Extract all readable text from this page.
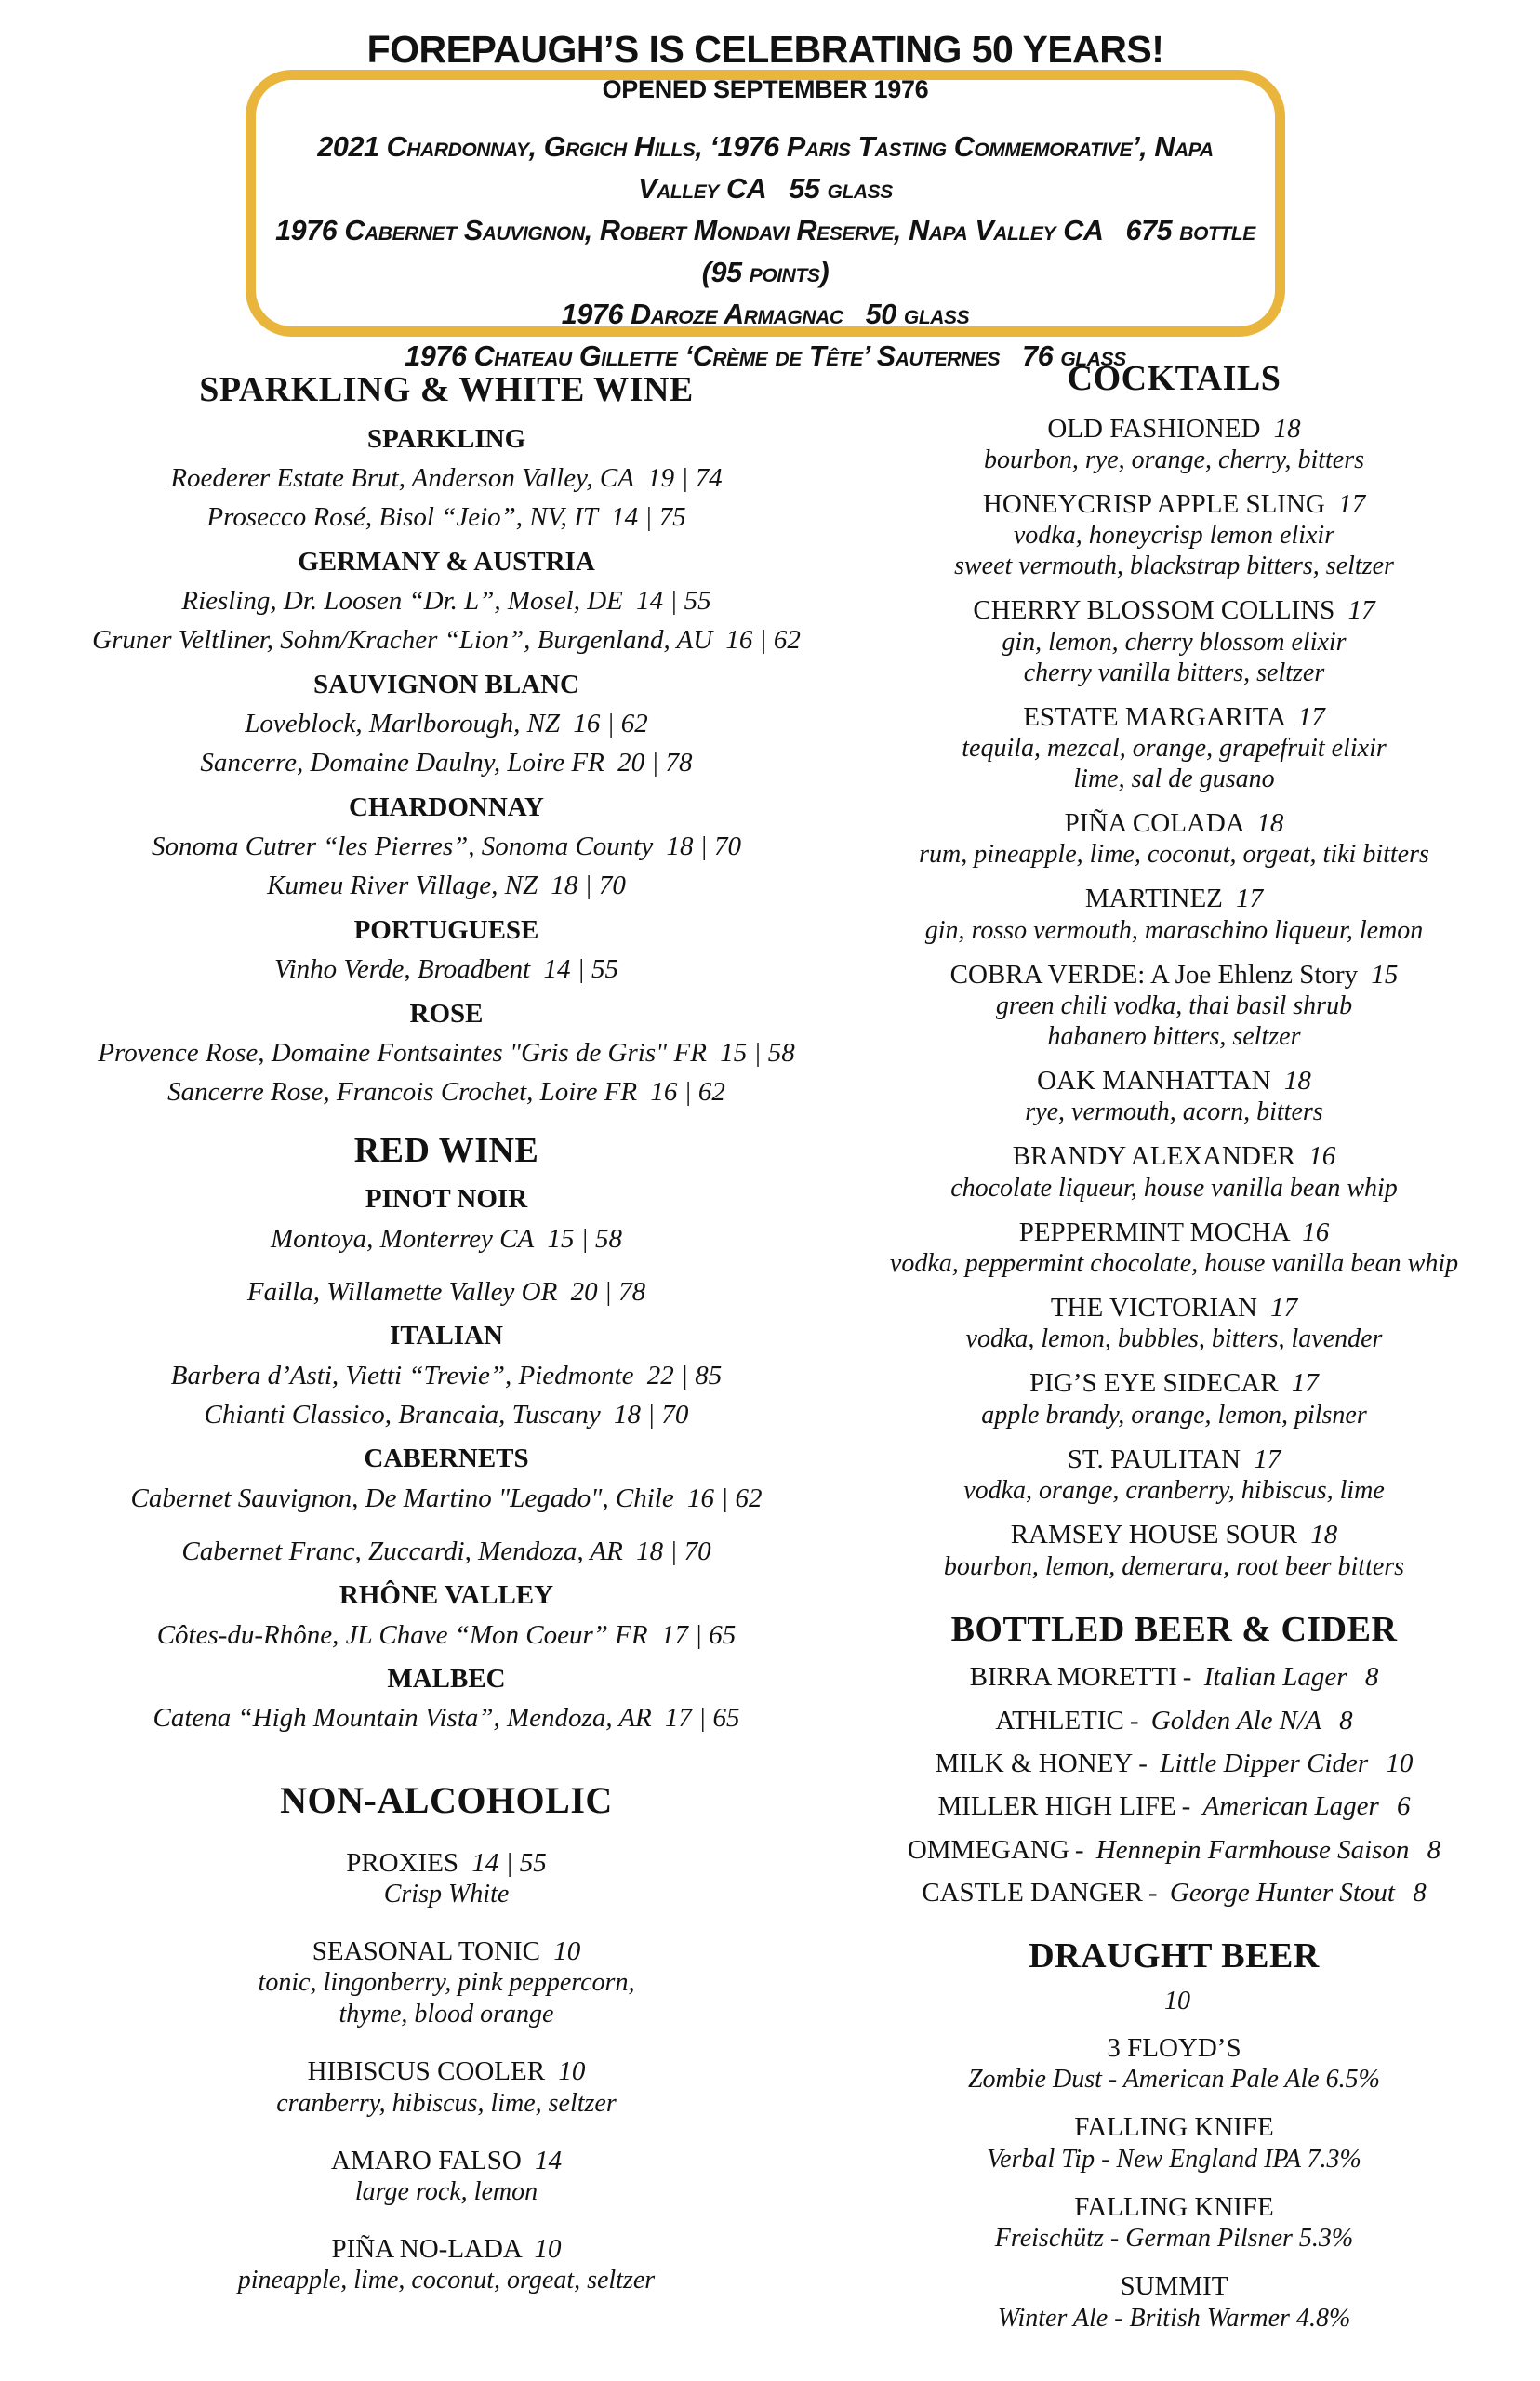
FOREPAUGH’S IS CELEBRATING 50 YEARS!
OPENED SEPTEMBER 1976
2021 Chardonnay, Grgich Hills, ‘1976 Paris Tasting Commemorative’, Napa Valley CA 55 glass
1976 Cabernet Sauvignon, Robert Mondavi Reserve, Napa Valley CA 675 bottle (95 points)
1976 Daroze Armagnac 50 glass
1976 Chateau Gillette ‘Crème de Tête’ Sauternes 76 glass
SPARKLING & WHITE WINE
SPARKLING
Roederer Estate Brut, Anderson Valley, CA 19 | 74
Prosecco Rosé, Bisol “Jeio”, NV, IT 14 | 75
GERMANY & AUSTRIA
Riesling, Dr. Loosen “Dr. L”, Mosel, DE 14 | 55
Gruner Veltliner, Sohm/Kracher “Lion”, Burgenland, AU 16 | 62
SAUVIGNON BLANC
Loveblock, Marlborough, NZ 16 | 62
Sancerre, Domaine Daulny, Loire FR 20 | 78
CHARDONNAY
Sonoma Cutrer “les Pierres”, Sonoma County 18 | 70
Kumeu River Village, NZ 18 | 70
PORTUGUESE
Vinho Verde, Broadbent 14 | 55
ROSE
Provence Rose, Domaine Fontsaintes "Gris de Gris" FR 15 | 58
Sancerre Rose, Francois Crochet, Loire FR 16 | 62
RED WINE
PINOT NOIR
Montoya, Monterrey CA 15 | 58
Failla, Willamette Valley OR 20 | 78
ITALIAN
Barbera d’Asti, Vietti “Trevie”, Piedmonte 22 | 85
Chianti Classico, Brancaia, Tuscany 18 | 70
CABERNETS
Cabernet Sauvignon, De Martino "Legado", Chile 16 | 62
Cabernet Franc, Zuccardi, Mendoza, AR 18 | 70
RHÔNE VALLEY
Côtes-du-Rhône, JL Chave “Mon Coeur” FR 17 | 65
MALBEC
Catena “High Mountain Vista”, Mendoza, AR 17 | 65
NON-ALCOHOLIC
PROXIES 14 | 55
Crisp White
SEASONAL TONIC 10
tonic, lingonberry, pink peppercorn,
thyme, blood orange
HIBISCUS COOLER 10
cranberry, hibiscus, lime, seltzer
AMARO FALSO 14
large rock, lemon
PIÑA NO-LADA 10
pineapple, lime, coconut, orgeat, seltzer
COCKTAILS
OLD FASHIONED 18
bourbon, rye, orange, cherry, bitters
HONEYCRISP APPLE SLING 17
vodka, honeycrisp lemon elixir
sweet vermouth, blackstrap bitters, seltzer
CHERRY BLOSSOM COLLINS 17
gin, lemon, cherry blossom elixir
cherry vanilla bitters, seltzer
ESTATE MARGARITA 17
tequila, mezcal, orange, grapefruit elixir
lime, sal de gusano
PIÑA COLADA 18
rum, pineapple, lime, coconut, orgeat, tiki bitters
MARTINEZ 17
gin, rosso vermouth, maraschino liqueur, lemon
COBRA VERDE: A Joe Ehlenz Story 15
green chili vodka, thai basil shrub
habanero bitters, seltzer
OAK MANHATTAN 18
rye, vermouth, acorn, bitters
BRANDY ALEXANDER 16
chocolate liqueur, house vanilla bean whip
PEPPERMINT MOCHA 16
vodka, peppermint chocolate, house vanilla bean whip
THE VICTORIAN 17
vodka, lemon, bubbles, bitters, lavender
PIG’S EYE SIDECAR 17
apple brandy, orange, lemon, pilsner
ST. PAULITAN 17
vodka, orange, cranberry, hibiscus, lime
RAMSEY HOUSE SOUR 18
bourbon, lemon, demerara, root beer bitters
BOTTLED BEER & CIDER
BIRRA MORETTI - Italian Lager 8
ATHLETIC - Golden Ale N/A 8
MILK & HONEY - Little Dipper Cider 10
MILLER HIGH LIFE - American Lager 6
OMMEGANG - Hennepin Farmhouse Saison 8
CASTLE DANGER - George Hunter Stout 8
DRAUGHT BEER
10
3 FLOYD’S
Zombie Dust - American Pale Ale 6.5%
FALLING KNIFE
Verbal Tip - New England IPA 7.3%
FALLING KNIFE
Freischütz - German Pilsner 5.3%
SUMMIT
Winter Ale - British Warmer 4.8%
